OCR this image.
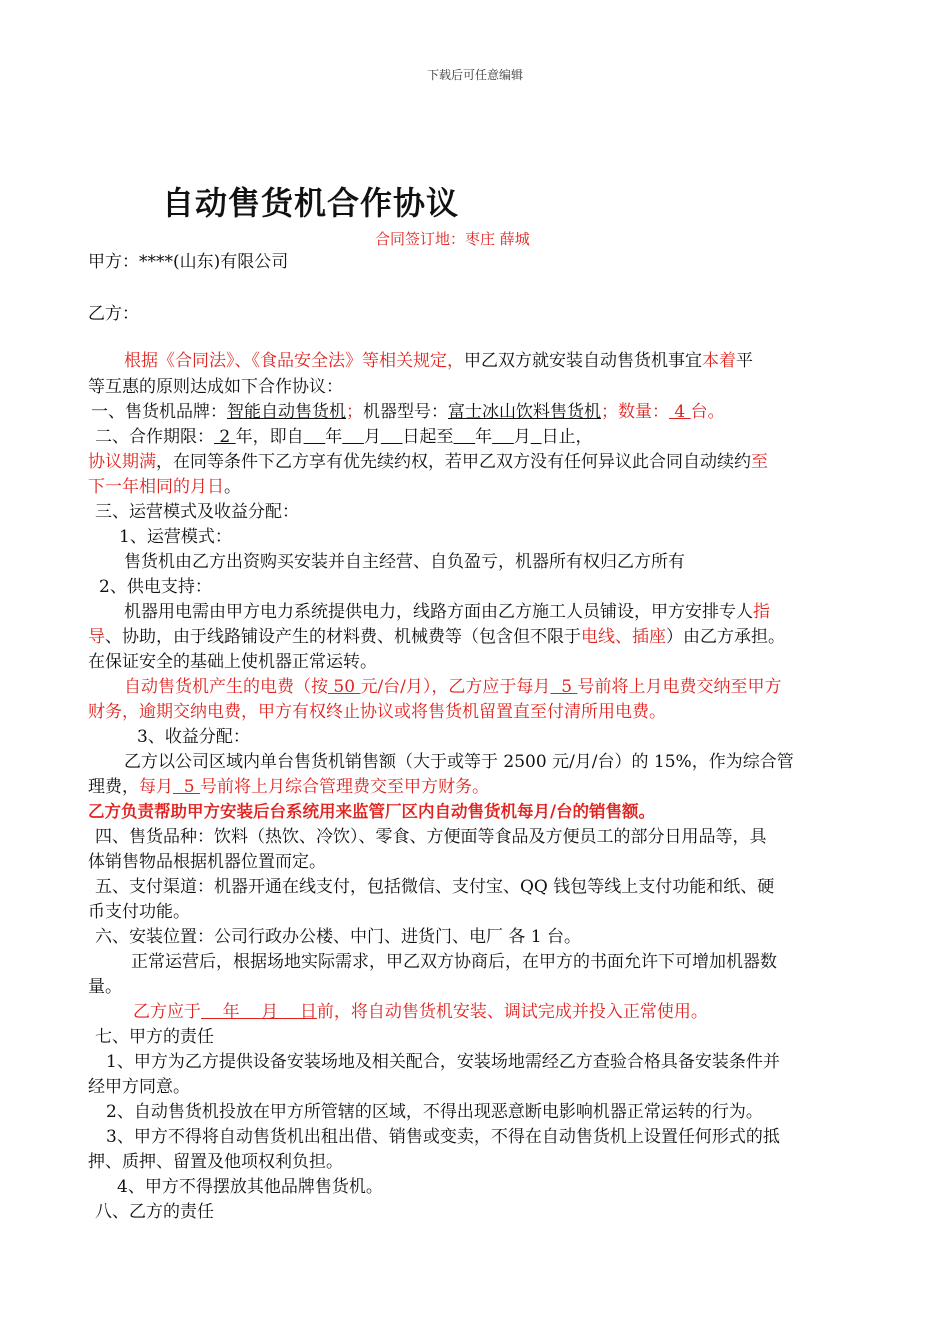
下载后可任意编辑
自动售货机合作协议
合同签订地：枣庄 薛城
甲方：****(山东)有限公司
乙方：
根据《合同法》、《食品安全法》等相关规定，甲乙双方就安装自动售货机事宜本着平
等互惠的原则达成如下合作协议：
一、售货机品牌：智能自动售货机；机器型号：富士冰山饮料售货机；数量： 4 台。
二、合作期限： 2 年，即自 年 月 日起至 年 月 日止，
协议期满，在同等条件下乙方享有优先续约权，若甲乙双方没有任何异议此合同自动续约至
下一年相同的月日。
三、运营模式及收益分配：
1、运营模式：
售货机由乙方出资购买安装并自主经营、自负盈亏，机器所有权归乙方所有
2、供电支持：
机器用电需由甲方电力系统提供电力，线路方面由乙方施工人员铺设，甲方安排专人指
导、协助，由于线路铺设产生的材料费、机械费等（包含但不限于电线、插座）由乙方承担。
在保证安全的基础上使机器正常运转。
自动售货机产生的电费（按 50 元/台/月），乙方应于每月  5 号前将上月电费交纳至甲方
财务，逾期交纳电费，甲方有权终止协议或将售货机留置直至付清所用电费。
3、收益分配：
乙方以公司区域内单台售货机销售额（大于或等于 2500 元/月/台）的 15%，作为综合管
理费，每月  5 号前将上月综合管理费交至甲方财务。
乙方负责帮助甲方安装后台系统用来监管厂区内自动售货机每月/台的销售额。
四、售货品种：饮料（热饮、冷饮）、零食、方便面等食品及方便员工的部分日用品等，具
体销售物品根据机器位置而定。
五、支付渠道：机器开通在线支付，包括微信、支付宝、QQ 钱包等线上支付功能和纸、硬
币支付功能。
六、安装位置：公司行政办公楼、中门、进货门、电厂 各 1 台。
正常运营后，根据场地实际需求，甲乙双方协商后，在甲方的书面允许下可增加机器数
量。
乙方应于    年    月    日前，将自动售货机安装、调试完成并投入正常使用。
七、甲方的责任
1、甲方为乙方提供设备安装场地及相关配合，安装场地需经乙方查验合格具备安装条件并
经甲方同意。
2、自动售货机投放在甲方所管辖的区域，不得出现恶意断电影响机器正常运转的行为。
3、甲方不得将自动售货机出租出借、销售或变卖，不得在自动售货机上设置任何形式的抵
押、质押、留置及他项权利负担。
4、甲方不得摆放其他品牌售货机。
八、乙方的责任
